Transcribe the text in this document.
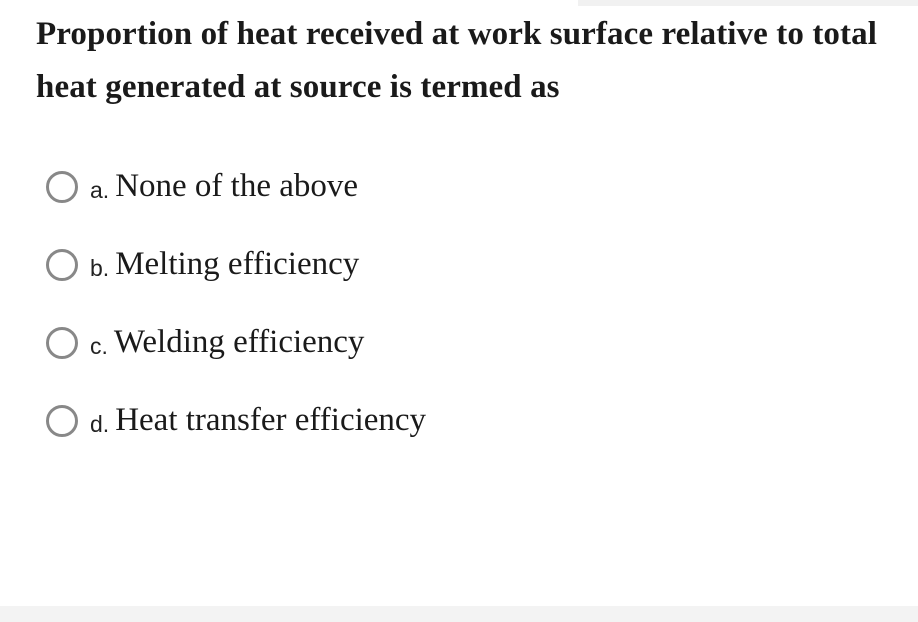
Proportion of heat received at work surface relative to total heat generated at source is termed as
a. None of the above
b. Melting efficiency
c. Welding efficiency
d. Heat transfer efficiency
